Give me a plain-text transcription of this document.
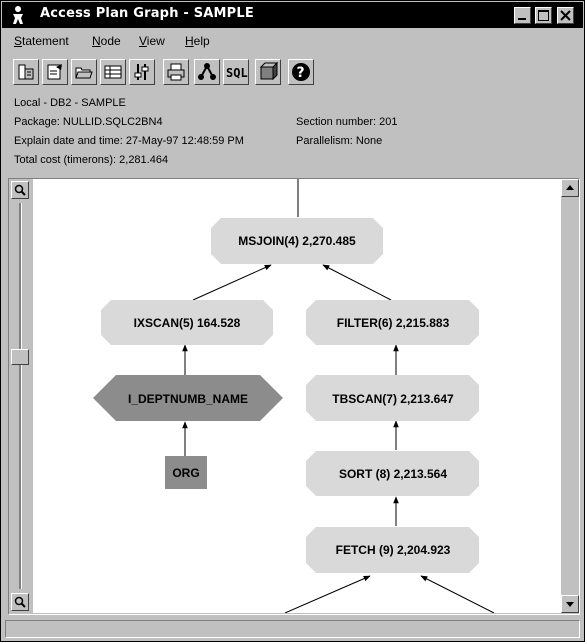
Access Plan Graph - SAMPLE
Statement Node View Help
SQL	?
Local - DB2 - SAMPLE
Package: NULLID.SQLC2BN4	Section number: 201
Explain date and time: 27-May-97 12:48:59 PM	Parallelism: None
Total cost (timerons): 2,281.464
MSJOIN(4) 2,270.485
IXSCAN(5) 164.528	FILTER(6) 2,215.883
I_DEPTNUMB_NAME	TBSCAN(7) 2,213.647
ORG	SORT (8) 2,213.564
FETCH (9) 2,204.923
